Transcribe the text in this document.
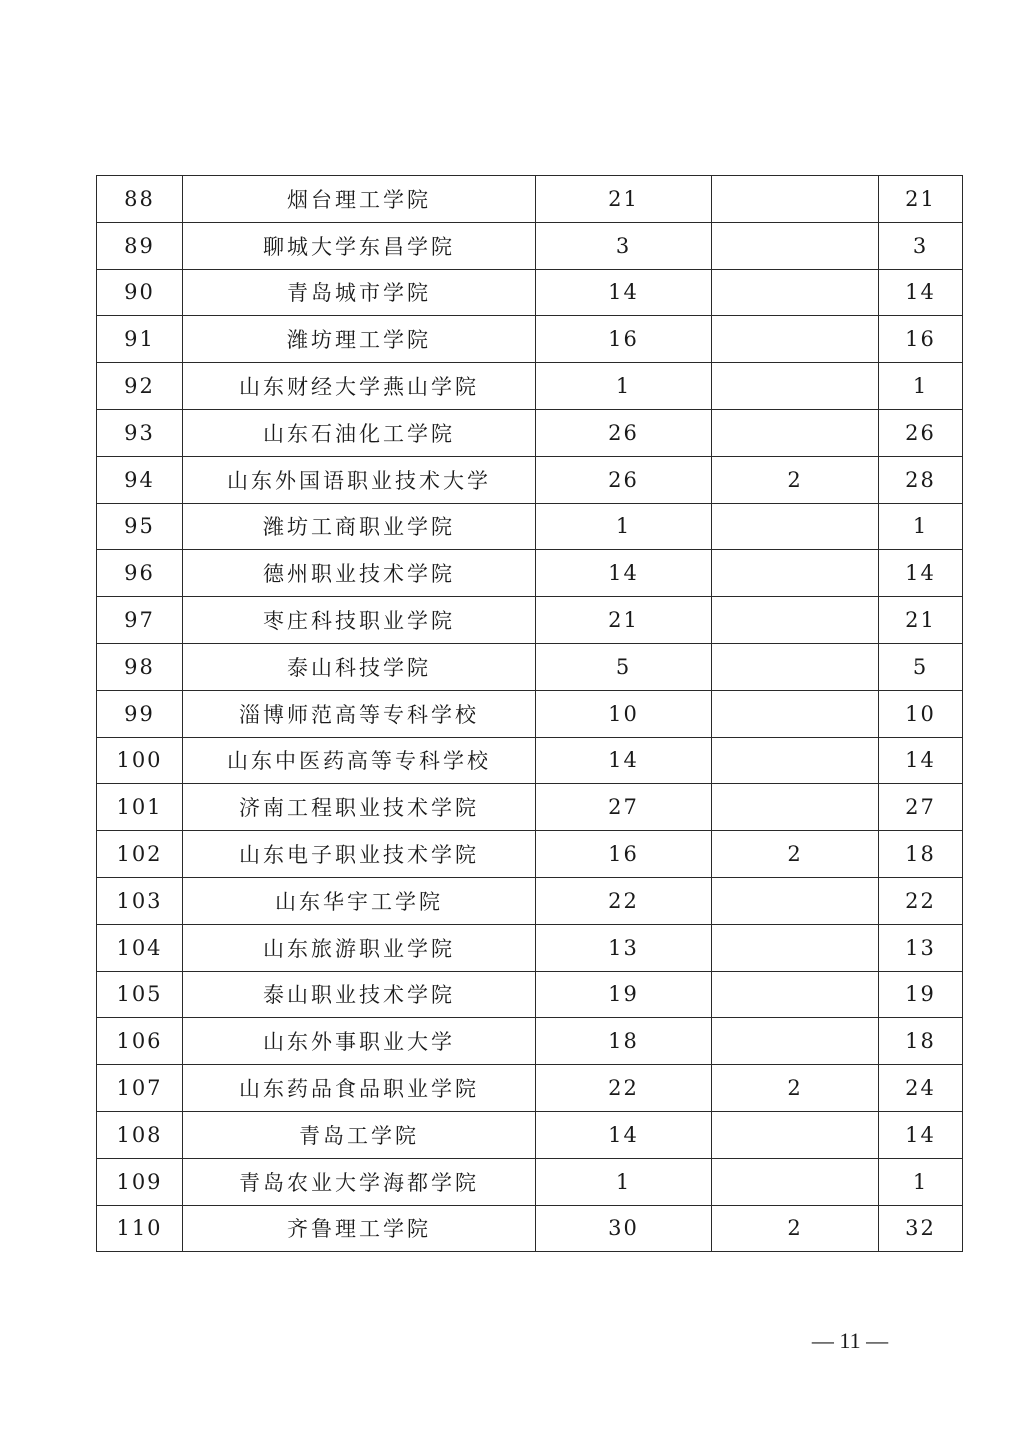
88	烟台理工学院	21		21
89	聊城大学东昌学院	3		3
90	青岛城市学院	14		14
91	潍坊理工学院	16		16
92	山东财经大学燕山学院	1		1
93	山东石油化工学院	26		26
94	山东外国语职业技术大学	26	2	28
95	潍坊工商职业学院	1		1
96	德州职业技术学院	14		14
97	枣庄科技职业学院	21		21
98	泰山科技学院	5		5
99	淄博师范高等专科学校	10		10
100	山东中医药高等专科学校	14		14
101	济南工程职业技术学院	27		27
102	山东电子职业技术学院	16	2	18
103	山东华宇工学院	22		22
104	山东旅游职业学院	13		13
105	泰山职业技术学院	19		19
106	山东外事职业大学	18		18
107	山东药品食品职业学院	22	2	24
108	青岛工学院	14		14
109	青岛农业大学海都学院	1		1
110	齐鲁理工学院	30	2	32
— 11 —
